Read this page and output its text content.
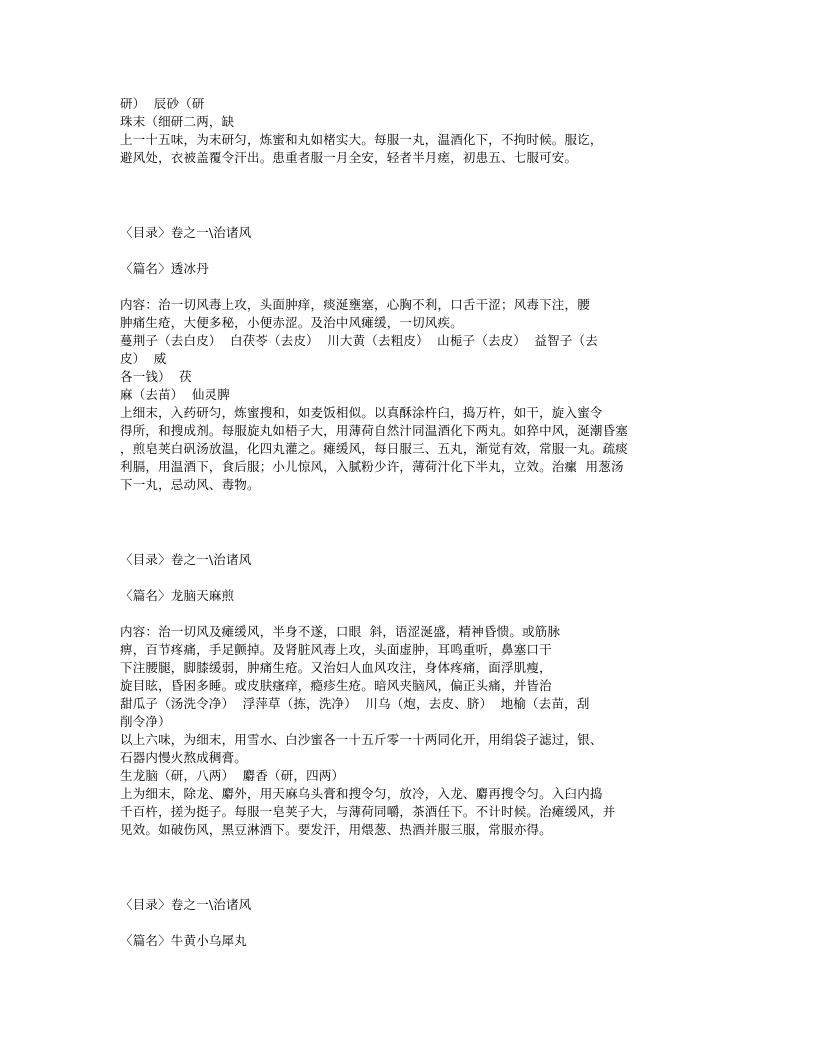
研）  辰砂（研
珠末（细研二两，缺
上一十五味，为末研匀，炼蜜和丸如楮实大。每服一丸，温酒化下，不拘时候。服讫，
避风处，衣被盖覆令汗出。患重者服一月全安，轻者半月瘥，初患五、七服可安。
〈目录〉卷之一\治诸风
〈篇名〉透冰丹
内容：治一切风毒上攻，头面肿痒，痰涎壅塞，心胸不利，口舌干涩；风毒下注，腰
肿痛生疮，大便多秘，小便赤涩。及治中风瘫缓，一切风疾。
蔓荆子（去白皮）  白茯苓（去皮）  川大黄（去粗皮）  山栀子（去皮）  益智子（去
皮）  威
各一钱）  茯
麻（去苗）  仙灵脾
上细末，入药研匀，炼蜜搜和，如麦饭相似。以真酥涂杵臼，捣万杵，如干，旋入蜜令
得所，和搜成剂。每服旋丸如梧子大，用薄荷自然汁同温酒化下两丸。如猝中风，涎潮昏塞
，煎皂荚白矾汤放温，化四丸灌之。瘫缓风，每日服三、五丸，渐觉有效，常服一丸。疏痰
利膈，用温酒下，食后服；小儿惊风，入腻粉少许，薄荷汁化下半丸，立效。治瘰  用葱汤
下一丸，忌动风、毒物。
〈目录〉卷之一\治诸风
〈篇名〉龙脑天麻煎
内容：治一切风及瘫缓风，半身不遂，口眼  斜，语涩涎盛，精神昏愦。或筋脉
痹，百节疼痛，手足颤掉。及肾脏风毒上攻，头面虚肿，耳鸣重听，鼻塞口干
下注腰腿，脚膝缓弱，肿痛生疮。又治妇人血风攻注，身体疼痛，面浮肌瘦，
旋目眩，昏困多睡。或皮肤瘙痒，瘾疹生疮。暗风夹脑风，偏正头痛，并皆治
甜瓜子（汤洗令净）  浮萍草（拣，洗净）  川乌（炮，去皮、脐）  地榆（去苗，刮
削令净）
以上六味，为细末，用雪水、白沙蜜各一十五斤零一十两同化开，用绢袋子滤过，银、
石器内慢火熬成稠膏。
生龙脑（研，八两）  麝香（研，四两）
上为细末，除龙、麝外，用天麻乌头膏和搜令匀，放冷，入龙、麝再搜令匀。入臼内捣
千百杵，搓为挺子。每服一皂荚子大，与薄荷同嚼，茶酒任下。不计时候。治瘫缓风，并
见效。如破伤风，黑豆淋酒下。要发汗，用煨葱、热酒并服三服，常服亦得。
〈目录〉卷之一\治诸风
〈篇名〉牛黄小乌犀丸
